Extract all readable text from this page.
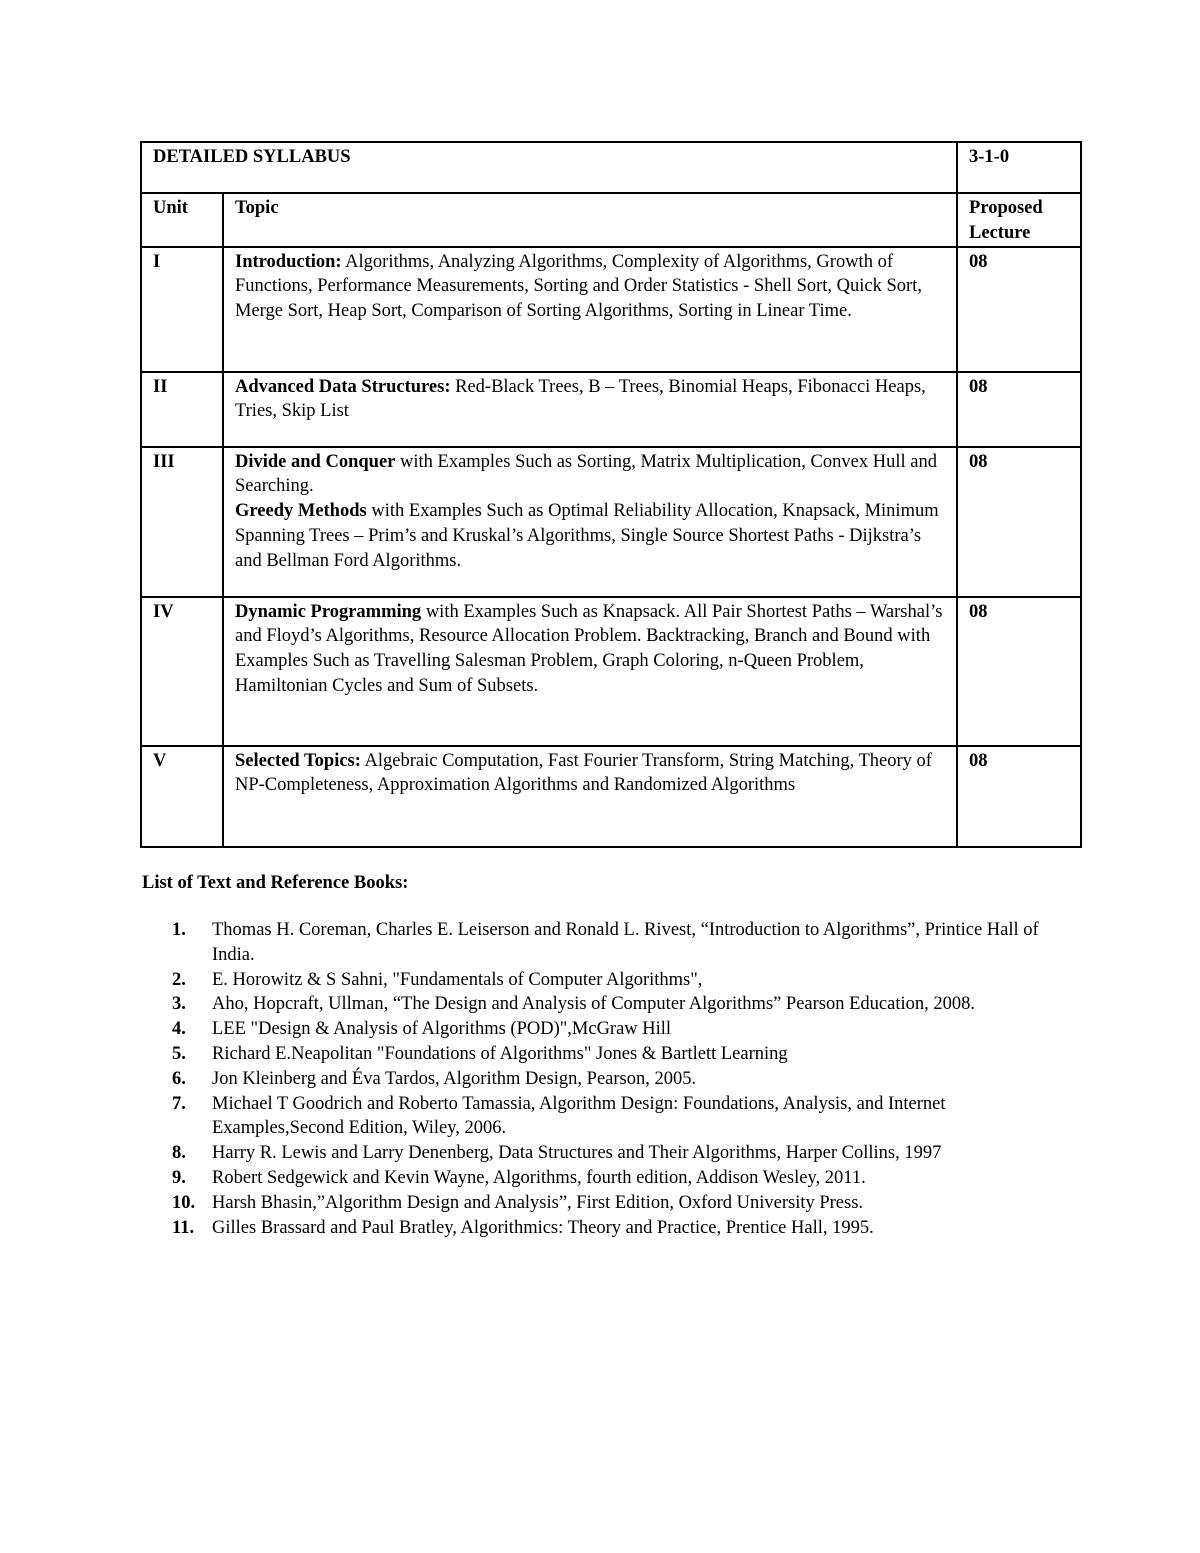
DETAILED SYLLABUS		3-1-0
Unit	Topic	Proposed
Lecture
I	Introduction: Algorithms, Analyzing Algorithms, Complexity of Algorithms, Growth of Functions, Performance Measurements, Sorting and Order Statistics - Shell Sort, Quick Sort, Merge Sort, Heap Sort, Comparison of Sorting Algorithms, Sorting in Linear Time.	08
II	Advanced Data Structures: Red-Black Trees, B – Trees, Binomial Heaps, Fibonacci Heaps, Tries, Skip List	08
III	Divide and Conquer with Examples Such as Sorting, Matrix Multiplication, Convex Hull and Searching.
Greedy Methods with Examples Such as Optimal Reliability Allocation, Knapsack, Minimum Spanning Trees – Prim’s and Kruskal’s Algorithms, Single Source Shortest Paths - Dijkstra’s and Bellman Ford Algorithms.	08
IV	Dynamic Programming with Examples Such as Knapsack. All Pair Shortest Paths – Warshal’s and Floyd’s Algorithms, Resource Allocation Problem. Backtracking, Branch and Bound with Examples Such as Travelling Salesman Problem, Graph Coloring, n-Queen Problem, Hamiltonian Cycles and Sum of Subsets.	08
V	Selected Topics: Algebraic Computation, Fast Fourier Transform, String Matching, Theory of NP-Completeness, Approximation Algorithms and Randomized Algorithms	08

List of Text and Reference Books:

1. Thomas H. Coreman, Charles E. Leiserson and Ronald L. Rivest, “Introduction to Algorithms”, Printice Hall of India.
2. E. Horowitz & S Sahni, "Fundamentals of Computer Algorithms",
3. Aho, Hopcraft, Ullman, “The Design and Analysis of Computer Algorithms” Pearson Education, 2008.
4. LEE "Design & Analysis of Algorithms (POD)",McGraw Hill
5. Richard E.Neapolitan "Foundations of Algorithms" Jones & Bartlett Learning
6. Jon Kleinberg and Éva Tardos, Algorithm Design, Pearson, 2005.
7. Michael T Goodrich and Roberto Tamassia, Algorithm Design: Foundations, Analysis, and Internet Examples,Second Edition, Wiley, 2006.
8. Harry R. Lewis and Larry Denenberg, Data Structures and Their Algorithms, Harper Collins, 1997
9. Robert Sedgewick and Kevin Wayne, Algorithms, fourth edition, Addison Wesley, 2011.
10. Harsh Bhasin,”Algorithm Design and Analysis”, First Edition, Oxford University Press.
11. Gilles Brassard and Paul Bratley, Algorithmics: Theory and Practice, Prentice Hall, 1995.
